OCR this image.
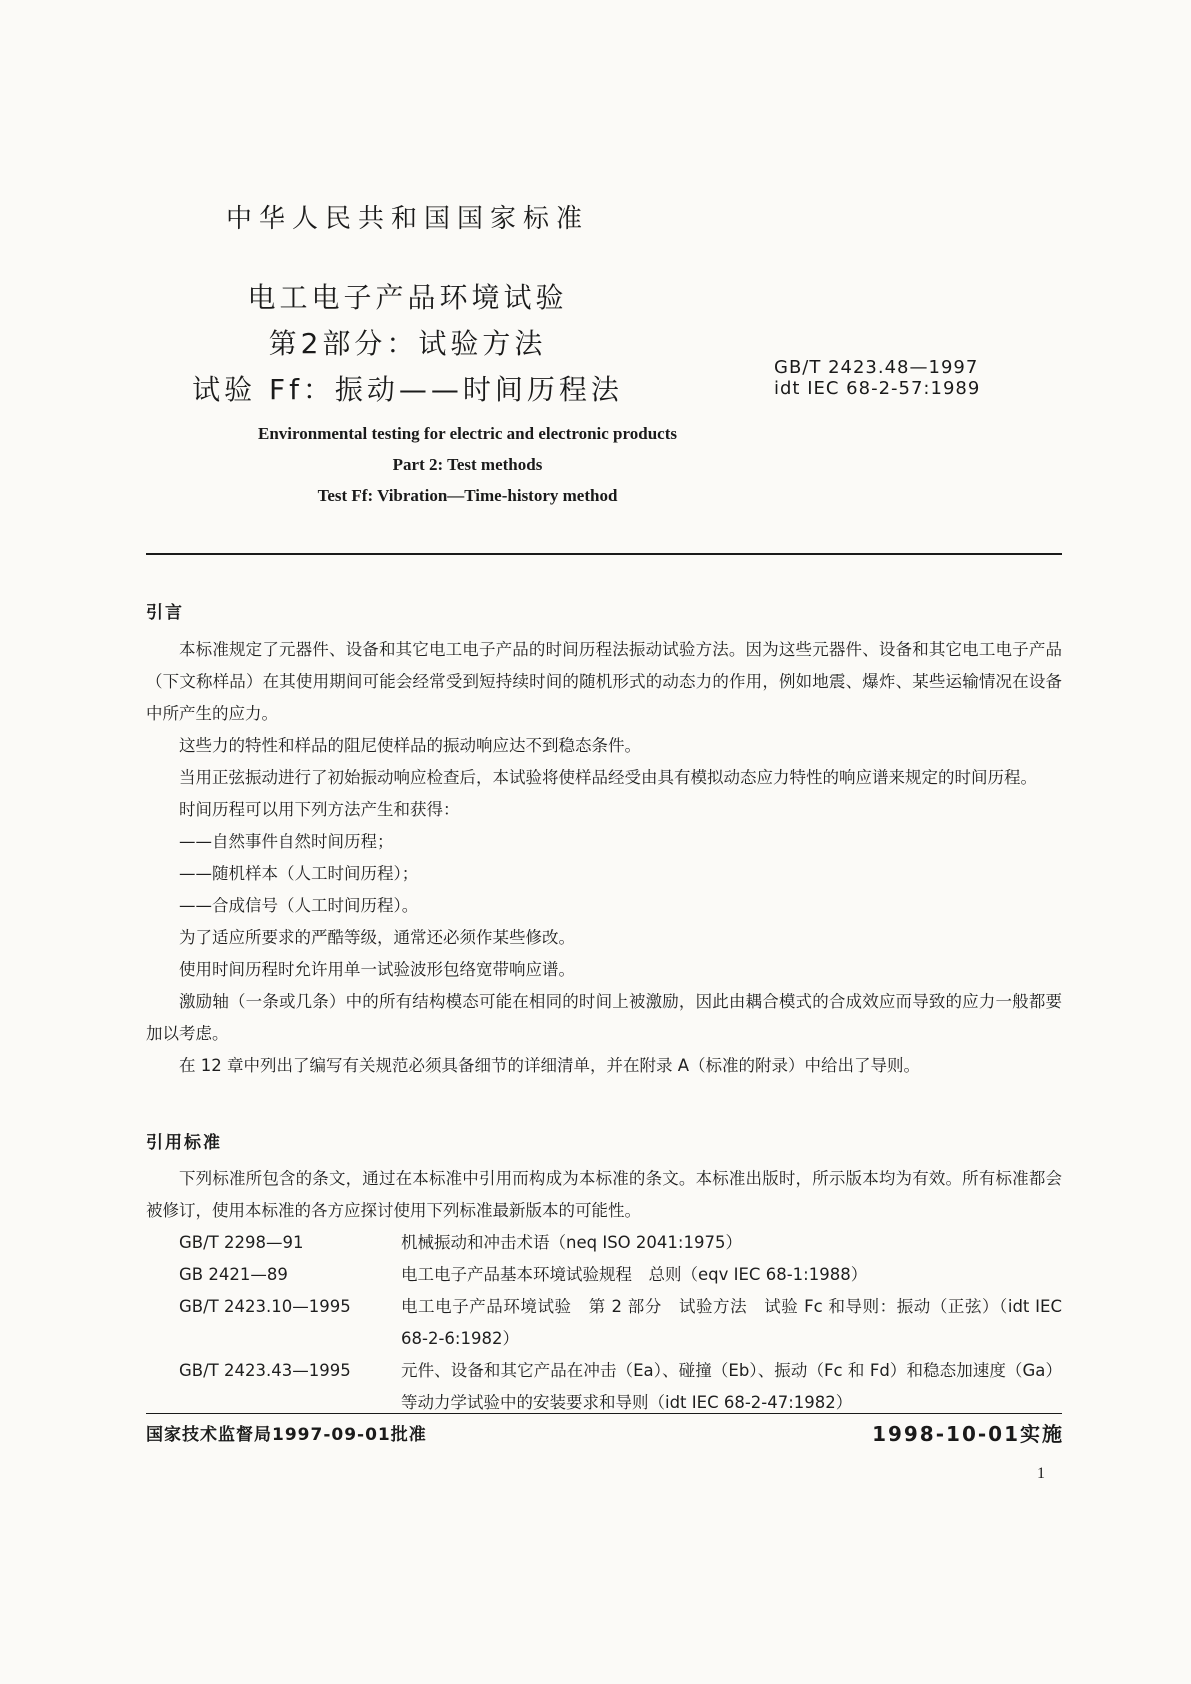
中华人民共和国国家标准
电工电子产品环境试验
第2部分：试验方法
试验 Ff：振动——时间历程法
GB/T 2423.48—1997
idt IEC 68-2-57:1989
Environmental testing for electric and electronic products
Part 2: Test methods
Test Ff: Vibration—Time-history method
引言

本标准规定了元器件、设备和其它电工电子产品的时间历程法振动试验方法。因为这些元器件、设备和其它电工电子产品（下文称样品）在其使用期间可能会经常受到短持续时间的随机形式的动态力的作用，例如地震、爆炸、某些运输情况在设备中所产生的应力。

这些力的特性和样品的阻尼使样品的振动响应达不到稳态条件。

当用正弦振动进行了初始振动响应检查后，本试验将使样品经受由具有模拟动态应力特性的响应谱来规定的时间历程。

时间历程可以用下列方法产生和获得：

——自然事件自然时间历程；

——随机样本（人工时间历程）；

——合成信号（人工时间历程）。

为了适应所要求的严酷等级，通常还必须作某些修改。

使用时间历程时允许用单一试验波形包络宽带响应谱。

激励轴（一条或几条）中的所有结构模态可能在相同的时间上被激励，因此由耦合模式的合成效应而导致的应力一般都要加以考虑。

在 12 章中列出了编写有关规范必须具备细节的详细清单，并在附录 A（标准的附录）中给出了导则。

引用标准

下列标准所包含的条文，通过在本标准中引用而构成为本标准的条文。本标准出版时，所示版本均为有效。所有标准都会被修订，使用本标准的各方应探讨使用下列标准最新版本的可能性。

GB/T 2298—91	机械振动和冲击术语（neq ISO 2041:1975）
GB 2421—89	电工电子产品基本环境试验规程　总则（eqv IEC 68-1:1988）
GB/T 2423.10—1995	电工电子产品环境试验　第 2 部分　试验方法　试验 Fc 和导则：振动（正弦）（idt IEC 68-2-6:1982）
GB/T 2423.43—1995	元件、设备和其它产品在冲击（Ea）、碰撞（Eb）、振动（Fc 和 Fd）和稳态加速度（Ga）等动力学试验中的安装要求和导则（idt IEC 68-2-47:1982）
国家技术监督局1997-09-01批准	1998-10-01实施
1
